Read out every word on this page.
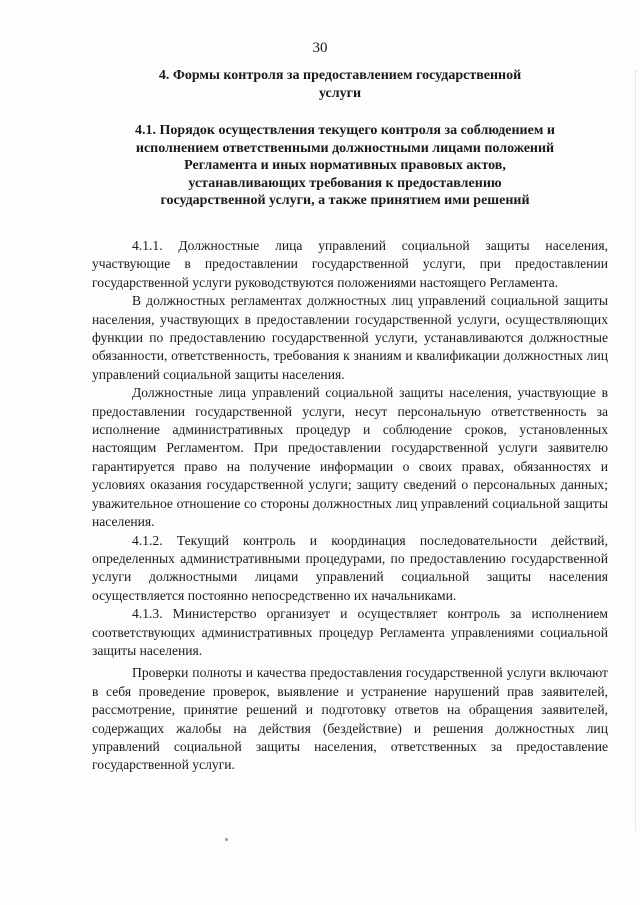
30
4. Формы контроля за предоставлением государственной услуги
4.1. Порядок осуществления текущего контроля за соблюдением и исполнением ответственными должностными лицами положений Регламента и иных нормативных правовых актов, устанавливающих требования к предоставлению государственной услуги, а также принятием ими решений

4.1.1. Должностные лица управлений социальной защиты населения, участвующие в предоставлении государственной услуги, при предоставлении государственной услуги руководствуются положениями настоящего Регламента.

В должностных регламентах должностных лиц управлений социальной защиты населения, участвующих в предоставлении государственной услуги, осуществляющих функции по предоставлению государственной услуги, устанавливаются должностные обязанности, ответственность, требования к знаниям и квалификации должностных лиц управлений социальной защиты населения.

Должностные лица управлений социальной защиты населения, участвующие в предоставлении государственной услуги, несут персональную ответственность за исполнение административных процедур и соблюдение сроков, установленных настоящим Регламентом. При предоставлении государственной услуги заявителю гарантируется право на получение информации о своих правах, обязанностях и условиях оказания государственной услуги; защиту сведений о персональных данных; уважительное отношение со стороны должностных лиц управлений социальной защиты населения.

4.1.2. Текущий контроль и координация последовательности действий, определенных административными процедурами, по предоставлению государственной услуги должностными лицами управлений социальной защиты населения осуществляется постоянно непосредственно их начальниками.

4.1.3. Министерство организует и осуществляет контроль за исполнением соответствующих административных процедур Регламента управлениями социальной защиты населения.

Проверки полноты и качества предоставления государственной услуги включают в себя проведение проверок, выявление и устранение нарушений прав заявителей, рассмотрение, принятие решений и подготовку ответов на обращения заявителей, содержащих жалобы на действия (бездействие) и решения должностных лиц управлений социальной защиты населения, ответственных за предоставление государственной услуги.
